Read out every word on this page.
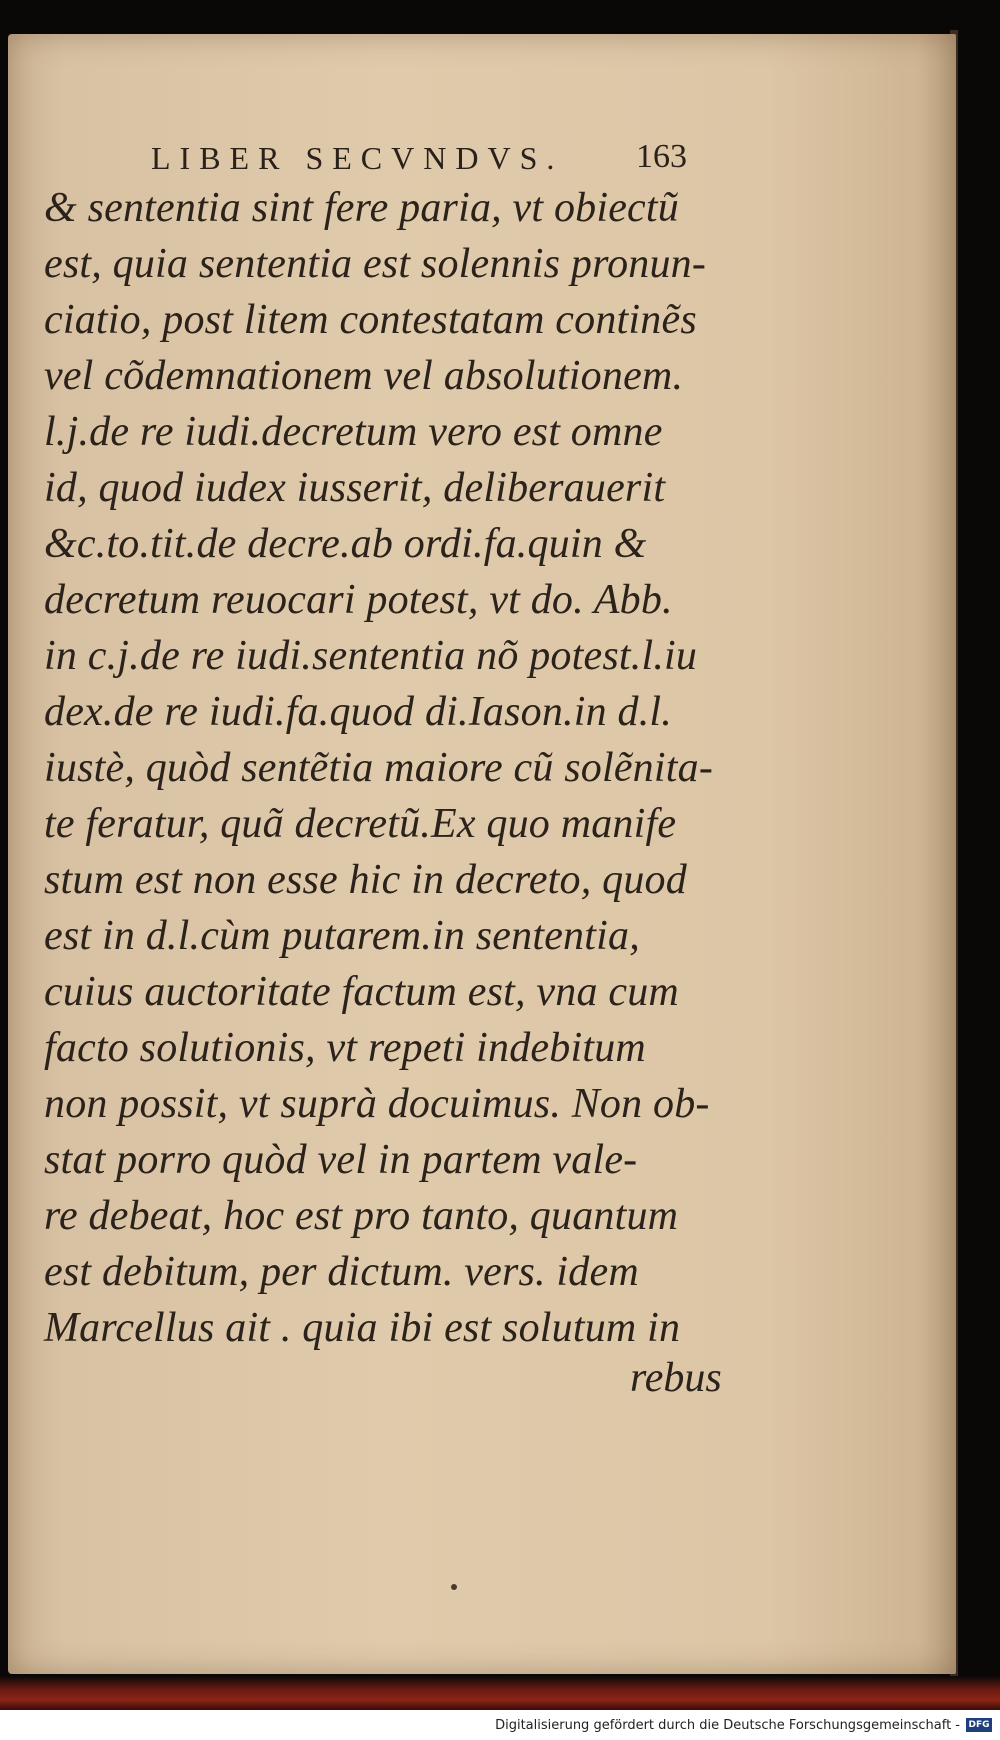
LIBER SECVNDVS. 163
& sententia sint fere paria, vt obiectũ
est, quia sententia est solennis pronun-
ciatio, post litem contestatam continẽs
vel cõdemnationem vel absolutionem.
l.j.de re iudi.decretum vero est omne
id, quod iudex iusserit, deliberauerit
&c.to.tit.de decre.ab ordi.fa.quin &
decretum reuocari potest, vt do. Abb.
in c.j.de re iudi.sententia nõ potest.l.iu
dex.de re iudi.fa.quod di.Iason.in d.l.
iustè, quòd sentẽtia maiore cũ solẽnita-
te feratur, quã decretũ.Ex quo manife
stum est non esse hic in decreto, quod
est in d.l.cùm putarem.in sententia,
cuius auctoritate factum est, vna cum
facto solutionis, vt repeti indebitum
non possit, vt suprà docuimus. Non ob-
stat porro quòd vel in partem vale-
re debeat, hoc est pro tanto, quantum
est debitum, per dictum. vers. idem
Marcellus ait . quia ibi est solutum in
rebus
Digitalisierung gefördert durch die Deutsche Forschungsgemeinschaft - DFG
